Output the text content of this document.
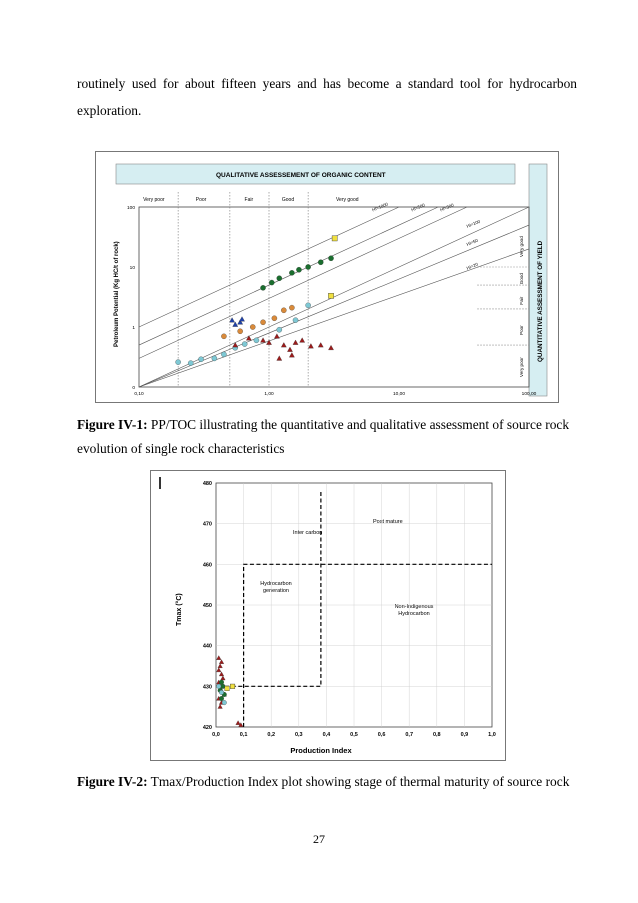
routinely used for about fifteen years and has become a standard tool for hydrocarbon exploration.
QUALITATIVE ASSESSEMENT OF ORGANIC CONTENT
QUANTITATIVE ASSESSMENT OF YIELD
Petroleum Potential (Kg HC/t of rock)
Very poor	Poor	Fair	Good	Very good
Very good
Good
Fair
Poor
Very poor
HI=1000	HI=500	HI=300
HI=100
HI=50
HI=20
0,10	1,00	10,00	100,00
100
10
1
0
Figure IV-1: PP/TOC illustrating the quantitative and qualitative assessment of source rock evolution of single rock characteristics
Tmax (°C)
Production Index
Post mature
Inter carbon
Hydrocarbon
generation
Non-Indigenous
Hydrocarbon
0,0	0,1	0,2	0,3	0,4	0,5	0,6	0,7	0,8	0,9	1,0
480
470
460
450
440
430
420
Figure IV-2: Tmax/Production Index plot showing stage of thermal maturity of source rock
27
